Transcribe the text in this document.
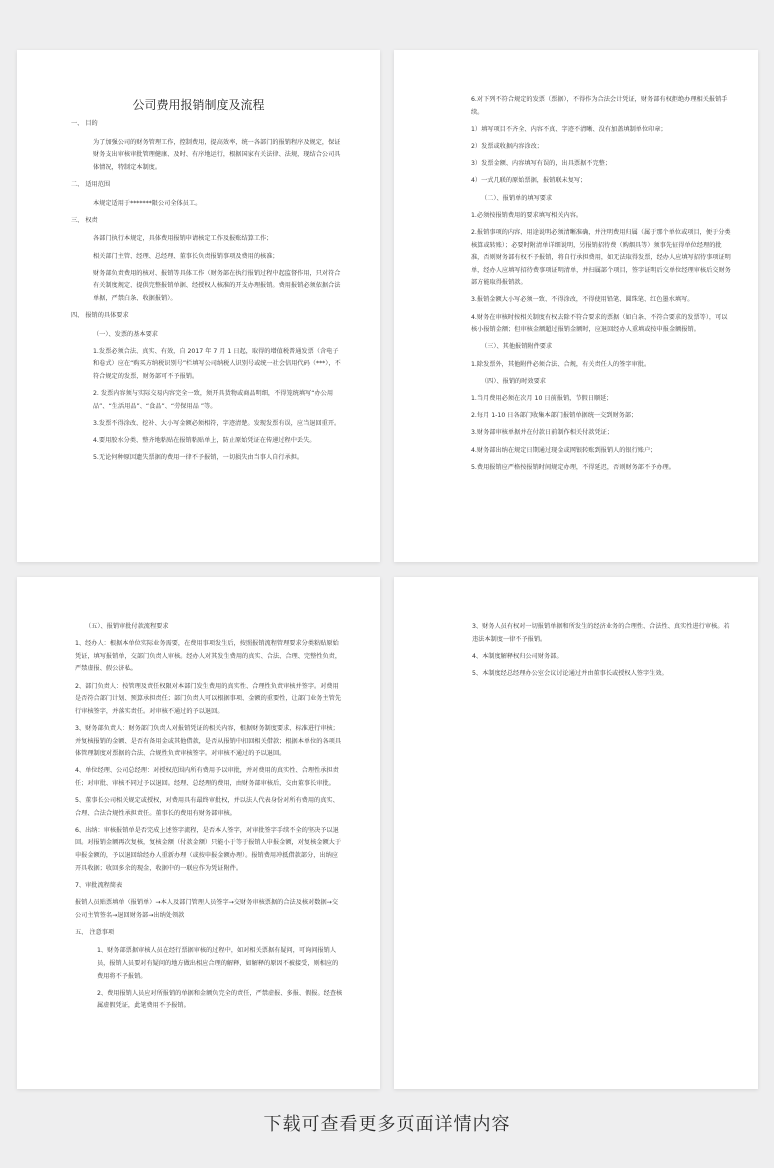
公司费用报销制度及流程

一、 目的

为了加强公司的财务管理工作，控制费用，提高效率，统一各部门的报销程序及规定，保证财务支出审核审批管理健康、及时、有序地运行，根据国家有关法律、法规，现结合公司具体情况，特制定本制度。

二、 适用范围

本规定适用于*******限公司全体员工。

三、 权责

各部门执行本规定，具体费用报销申请核定工作及报账结算工作；

相关部门主管、经理、总经理、董事长负责报销事项及费用的核准；

财务部负责费用的核对、报销等具体工作（财务部在执行报销过程中起监督作用，只对符合有关制度规定、提供完整报销单据、经授权人核准的开支办理报销。费用报销必须依据合法单据，严禁白条、收据报销）。

四、 报销的具体要求

（一）、发票的基本要求

1.发票必须合法、真实、有效，自 2017 年 7 月 1 日起，取得的增值税普通发票（含电子和卷式）应在“购买方纳税识别号”栏填写公司纳税人识别号或统一社会信用代码（***），不符合规定的发票，财务部可不予报销。

2. 发票内容须与实际交易内容完全一致，须开具货物或商品明细，不得笼统填写“办公用品”、“生活用品”、“食品”、“劳保用品 ”等。

3.发票不得涂改、挖补、大小写金额必须相符，字迹清楚。发现发票有误，应当退回重开。

4.要用胶水分类、整齐地粘贴在报销粘贴单上，防止原始凭证在传递过程中丢失。

5.无论何种原因遗失票据的费用一律不予报销，一切损失由当事人自行承担。

6.对下列不符合规定的发票（票据），不得作为合法会计凭证，财务部有权拒绝办理相关报销手续。

1）填写项目不齐全、内容不真、字迹不清晰、没有加盖填制单位印章；

2）发票或收据内容涂改；

3）发票金额、内容填写有误的，出具票据不完整；

4）一式几联的原始票据，报销联未复写；

（二）、报销单的填写要求

1.必须按报销费用的要求填写相关内容。

2.报销事项的内容、用途说明必须清晰准确，并注明费用归属（属于那个单位或项目，便于分类核算或转账）；必要时附清单详细说明，另报销招待费（购烟具等）须事先征得单位经理的批准，否则财务部有权不予报销，将自行承担费用，如无法取得发票，经办人应填写招待事项证明单，经办人应填写招待费事项证明清单，并扫属部个项目，签字证明后交单位经理审核后交财务部方能取得报销款。

3.报销金额大小写必须一致、不得涂改，不得使用铅笔、圆珠笔、红色墨水填写。

4.财务在审核时按相关制度有权去除不符合要求的票据（如白条、不符合要求的发票等），可以核小报销金额；但审核金额超过报销金额时，应退回经办人重填或按申报金额报销。

（三）、其他报销附件要求

1.除发票外，其他附件必须合法、合规，有关责任人的签字审批。

（四）、报销的时效要求

1.当月费用必须在次月 10 日前报销，节假日顺延；

2.每月 1-10 日各部门收集本部门报销单据统一交到财务部；

3.财务部审核单据并在付款日前制作相关付款凭证；

4.财务部出纳在规定日期通过现金或网银转账到报销人的银行账户；

5.费用报销应严格按报销时间规定办理，不得延迟，否则财务部不予办理。

（五）、报销审批付款流程要求

1、经办人：根据本单位实际业务需要，在费用事项发生后，按照报销流程管理要求分类粘贴原始凭证，填写报销单，交部门负责人审核。经办人对其发生费用的真实、合法、合理、完整性负责，严禁虚报、假公济私。

2、部门负责人：按管理及责任权限对本部门发生费用的真实性、合理性负责审核并签字。对费用是否符合部门计划、预算承担责任；部门负责人可以根据事项、金额的重要性，让部门业务主管先行审核签字，并落实责任。对审核不通过的予以退回。

3、财务部负责人：财务部门负责人对报销凭证的相关内容，根据财务制度要求、标准进行审核；并复核报销的金额、是否有备用金或其他借款，是否从报销中扣回相关借款；根据本单位的各项具体管理制度对票据的合法、合规性负责审核签字。对审核不通过的予以退回。

4、单位经理、公司总经理：对授权范围内所有费用予以审批，并对费用的真实性、合理性承担责任；对审批、审核不同过予以退回。经理、总经理的费用，由财务部审核后，交由董事长审批。

5、董事长公司相关规定或授权，对费用具有最终审批权，并以法人代表身份对所有费用的真实、合理、合法合规性承担责任。董事长的费用有财务部审核。

6、出纳：审核报销单是否完成上述签字流程，是否本人签字，对审批签字手续不全的坚决予以退回。对报销金额再次复核，复核金额（付款金额）只能小于等于报销人申报金额，对复核金额大于申报金额的，予以退回给经办人重新办理（或按申报金额办理）。报销费用冲抵借款部分，出纳应开具收据；收回多余的现金，收据中的一联应作为凭证附件。

7、审批流程简表

报销人员贴票填单（报销单）→本人及部门管理人员签字→交财务审核票据的合法及核对数据→交公司主管签名→退回财务部→出纳处领款

五、 注意事项

1、财务部票据审核人员在经行票据审核的过程中，如对相关票据有疑问，可询问报销人员，报销人员要对有疑问的地方做出相应合理的解释，如解释的原因不被接受，则相应的费用将不予报销。

2、费用报销人员应对所报销的单据和金额负完全的责任，严禁虚报、多报、假报。经查核属虚假凭证，此笔费用不予报销。

3、财务人员有权对一切报销单据和所发生的经济业务的合理性、合法性、真实性进行审核。若违法本制度一律不予报销。

4、本制度解释权归公司财务部。

5、本制度经总经理办公室会议讨论通过并由董事长或授权人签字生效。

下载可查看更多页面详情内容
